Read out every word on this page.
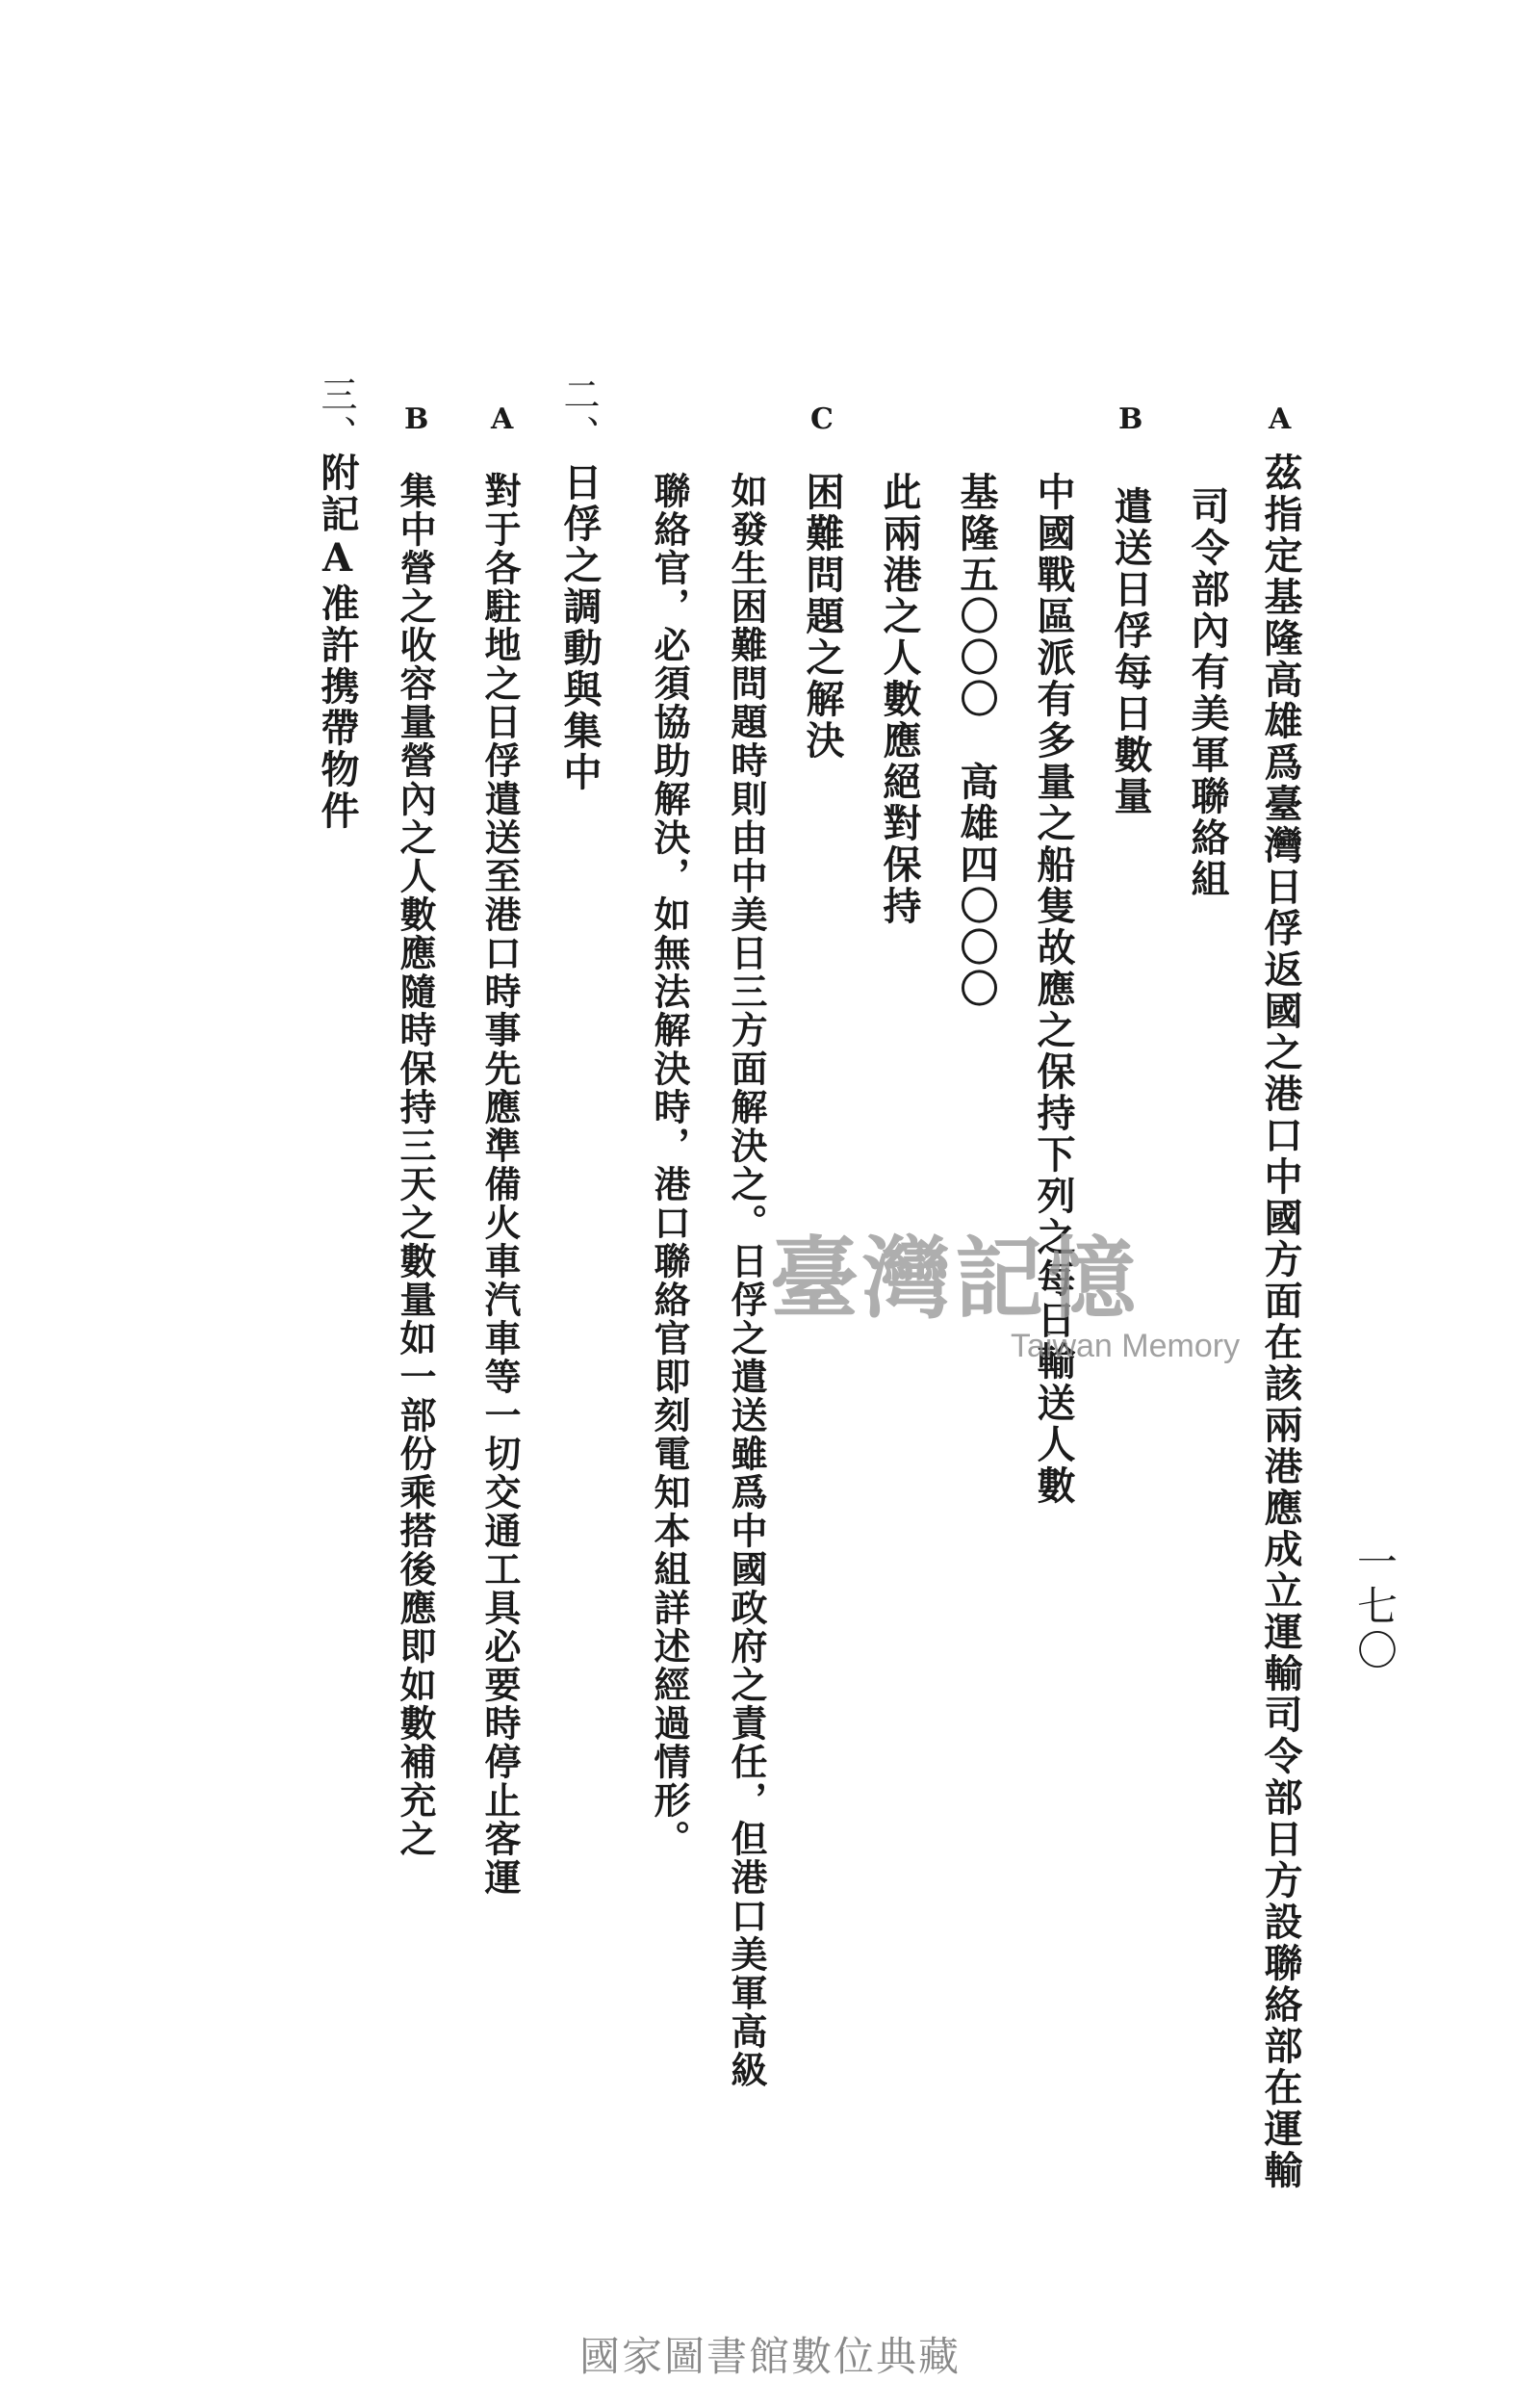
一七〇
A
茲指定基隆高雄爲臺灣日俘返國之港口中國方面在該兩港應成立運輸司令部日方設聯絡部在運輸
司令部內有美軍聯絡組
B
遣送日俘每日數量
中國戰區派有多量之船隻故應之保持下列之每日輸送人數
基隆五〇〇〇　高雄四〇〇〇
此兩港之人數應絕對保持
C
困難問題之解決
如發生困難問題時則由中美日三方面解決之。日俘之遣送雖爲中國政府之責任，但港口美軍高級
聯絡官，必須協助解決，如無法解決時，港口聯絡官即刻電知本組詳述經過情形。
二、
日俘之調動與集中
A
對于各駐地之日俘遣送至港口時事先應準備火車汽車等一切交通工具必要時停止客運
B
集中營之收容量營內之人數應隨時保持三天之數量如一部份乘搭後應即如數補充之
三、
附記A准許携帶物件
臺灣記憶
Taiwan Memory
國家圖書館數位典藏
